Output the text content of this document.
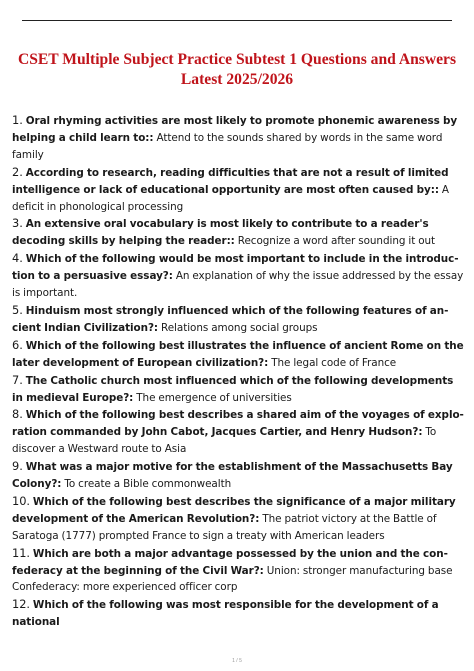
CSET Multiple Subject Practice Subtest 1 Questions and Answers
Latest 2025/2026

1. Oral rhyming activities are most likely to promote phonemic awareness by helping a child learn to:: Attend to the sounds shared by words in the same word family

2. According to research, reading difficulties that are not a result of limited intelligence or lack of educational opportunity are most often caused by:: A deficit in phonological processing

3. An extensive oral vocabulary is most likely to contribute to a reader's decoding skills by helping the reader:: Recognize a word after sounding it out

4. Which of the following would be most important to include in the introduc- tion to a persuasive essay?: An explanation of why the issue addressed by the essay is important.

5. Hinduism most strongly influenced which of the following features of an- cient Indian Civilization?: Relations among social groups

6. Which of the following best illustrates the influence of ancient Rome on the later development of European civilization?: The legal code of France

7. The Catholic church most influenced which of the following developments in medieval Europe?: The emergence of universities

8. Which of the following best describes a shared aim of the voyages of explo- ration commanded by John Cabot, Jacques Cartier, and Henry Hudson?: To discover a Westward route to Asia

9. What was a major motive for the establishment of the Massachusetts Bay Colony?: To create a Bible commonwealth

10. Which of the following best describes the significance of a major military development of the American Revolution?: The patriot victory at the Battle of Saratoga (1777) prompted France to sign a treaty with American leaders

11. Which are both a major advantage possessed by the union and the con- federacy at the beginning of the Civil War?: Union: stronger manufacturing base Confederacy: more experienced officer corp

12. Which of the following was most responsible for the development of a national

1 / 5
